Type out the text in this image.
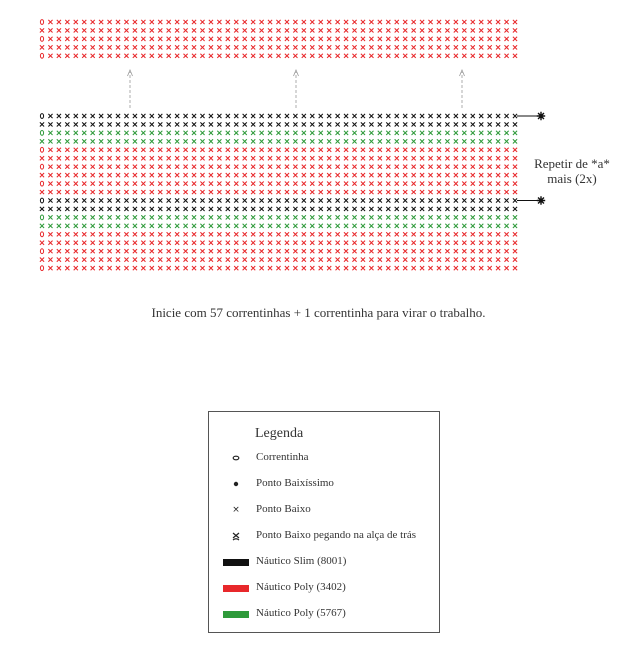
Repetir de *a*
mais (2x)
Inicie com 57 correntinhas + 1 correntinha para virar o trabalho.
Legenda
Correntinha
Ponto Baixíssimo
× Ponto Baixo
Ponto Baixo pegando na alça de trás
Náutico Slim (8001)
Náutico Poly (3402)
Náutico Poly (5767)
